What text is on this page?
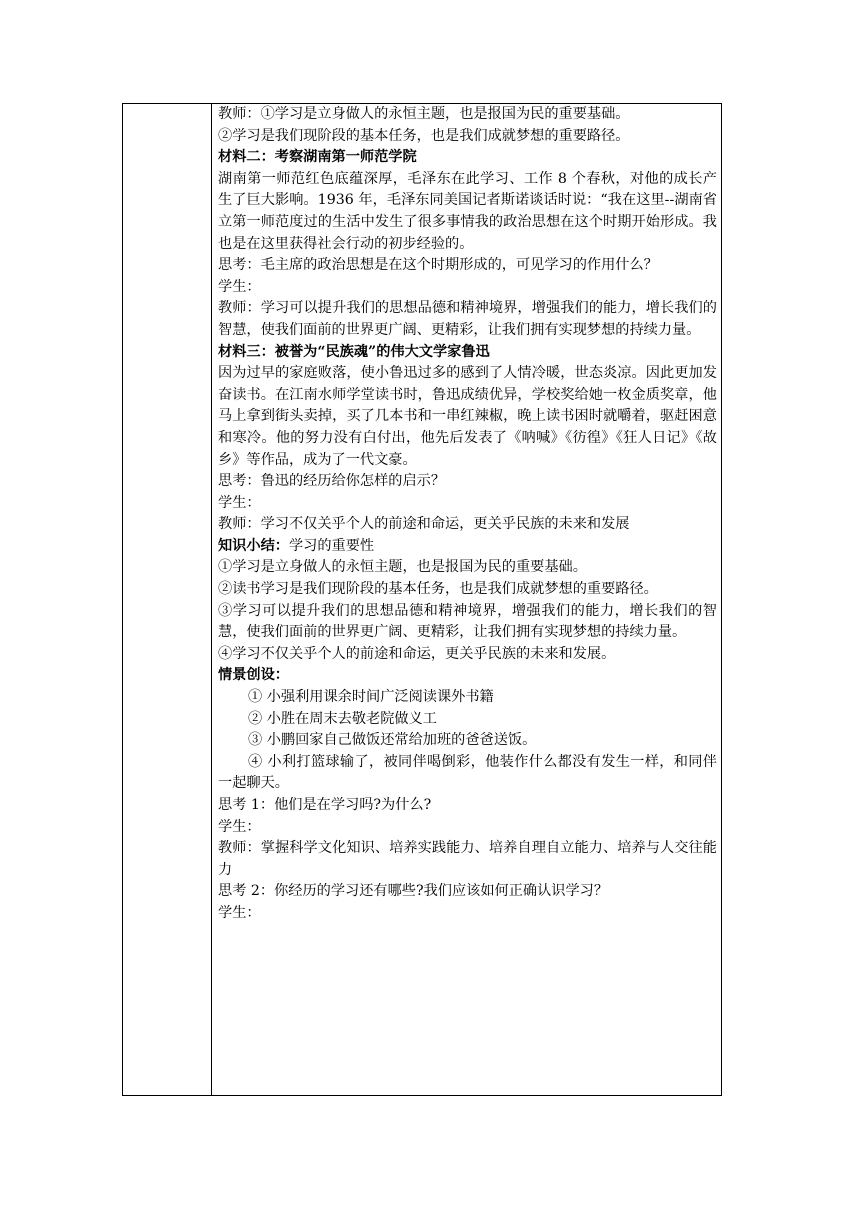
教师：①学习是立身做人的永恒主题，也是报国为民的重要基础。

②学习是我们现阶段的基本任务，也是我们成就梦想的重要路径。

材料二：考察湖南第一师范学院

湖南第一师范红色底蕴深厚，毛泽东在此学习、工作 8 个春秋，对他的成长产生了巨大影响。1936 年，毛泽东同美国记者斯诺谈话时说：“我在这里--湖南省立第一师范度过的生活中发生了很多事情我的政治思想在这个时期开始形成。我也是在这里获得社会行动的初步经验的。

思考：毛主席的政治思想是在这个时期形成的，可见学习的作用什么？

学生：

教师：学习可以提升我们的思想品德和精神境界，增强我们的能力，增长我们的智慧，使我们面前的世界更广阔、更精彩，让我们拥有实现梦想的持续力量。

材料三：被誉为“民族魂”的伟大文学家鲁迅

因为过早的家庭败落，使小鲁迅过多的感到了人情冷暖，世态炎凉。因此更加发奋读书。在江南水师学堂读书时，鲁迅成绩优异，学校奖给她一枚金质奖章，他马上拿到街头卖掉，买了几本书和一串红辣椒，晚上读书困时就嚼着，驱赶困意和寒冷。他的努力没有白付出，他先后发表了《呐喊》《彷徨》《狂人日记》《故乡》等作品，成为了一代文豪。

思考：鲁迅的经历给你怎样的启示？

学生：

教师：学习不仅关乎个人的前途和命运，更关乎民族的未来和发展

知识小结：学习的重要性

①学习是立身做人的永恒主题，也是报国为民的重要基础。

②读书学习是我们现阶段的基本任务，也是我们成就梦想的重要路径。

③学习可以提升我们的思想品德和精神境界，增强我们的能力，增长我们的智慧，使我们面前的世界更广阔、更精彩，让我们拥有实现梦想的持续力量。

④学习不仅关乎个人的前途和命运，更关乎民族的未来和发展。

情景创设：

① 小强利用课余时间广泛阅读课外书籍

② 小胜在周末去敬老院做义工

③ 小鹏回家自己做饭还常给加班的爸爸送饭。

④ 小利打篮球输了，被同伴喝倒彩，他装作什么都没有发生一样，和同伴一起聊天。

思考 1：他们是在学习吗?为什么?

学生：

教师：掌握科学文化知识、培养实践能力、培养自理自立能力、培养与人交往能力

思考 2：你经历的学习还有哪些?我们应该如何正确认识学习？

学生：
